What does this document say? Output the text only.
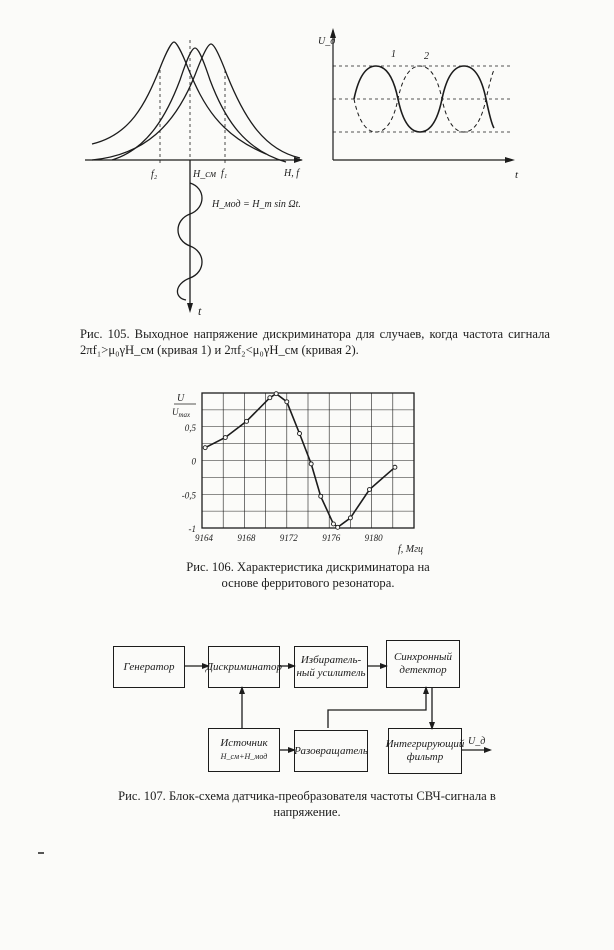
f₂	H_см f₁	H, f
H_мод = H_m sin Ωt.
t
U_д
t
1	2

Рис. 105. Выходное напряжение дискриминатора для случаев, когда частота сигнала 2πf₁>μ₀γH_см (кривая 1) и 2πf₂<μ₀γH_см (кривая 2).

9164	9168	9172	9176	9180
0,5
0
-0,5
-1
U
$U_{max}$
f, Мгц

Рис. 106. Характеристика дискриминатора на основе ферритового резонатора.

U_д
Генератор	Дискриминатор
Избиратель-ный усилитель
Синхронный детектор
Источник
H_см+H_мод Разовращатель
Интегрирующий фильтр

Рис. 107. Блок-схема датчика-преобразователя частоты СВЧ-сигнала в напряжение.
